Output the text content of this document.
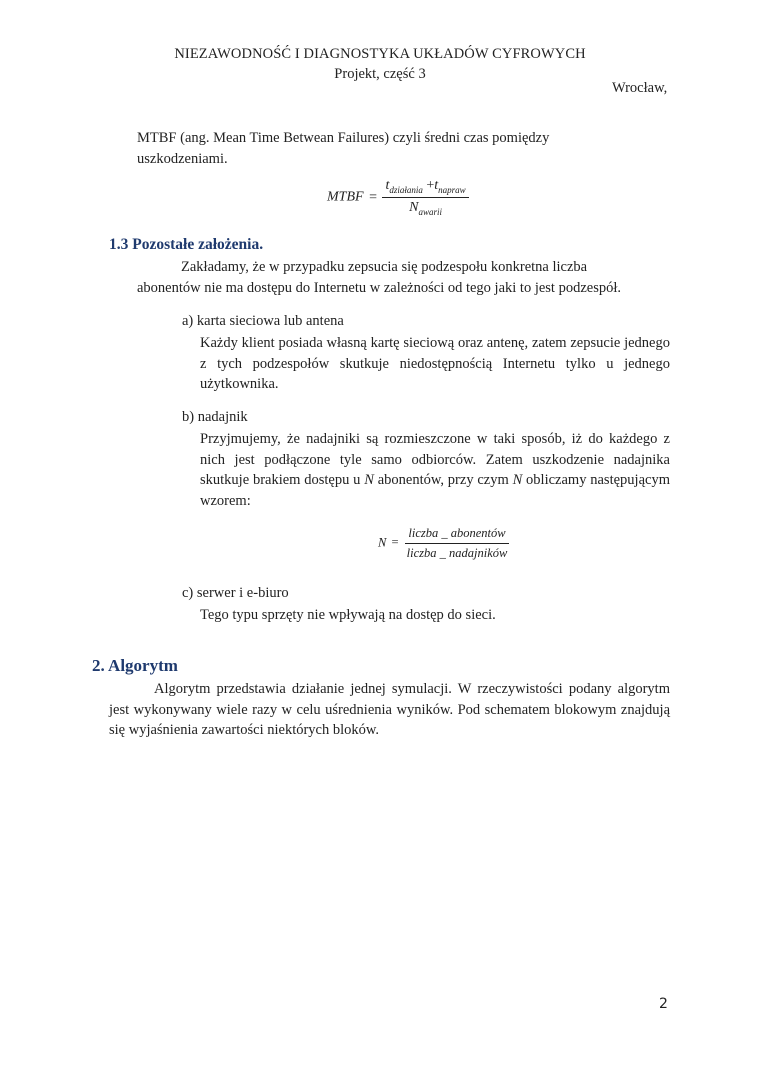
NIEZAWODNOŚĆ I DIAGNOSTYKA UKŁADÓW CYFROWYCH
Projekt, część 3
Wrocław,
MTBF (ang. Mean Time Betwean Failures) czyli średni czas pomiędzy uszkodzeniami.
MTBF = $\frac{t_{działania} +t_{napraw}}{N_{awarii}}$
1.3 Pozostałe założenia.
Zakładamy, że w przypadku zepsucia się podzespołu konkretna liczba abonentów nie ma dostępu do Internetu w zależności od tego jaki to jest podzespół.
a) karta sieciowa lub antena
Każdy klient posiada własną kartę sieciową oraz antenę, zatem zepsucie jednego z tych podzespołów skutkuje niedostępnością Internetu tylko u jednego użytkownika.
b) nadajnik
Przyjmujemy, że nadajniki są rozmieszczone w taki sposób, iż do każdego z nich jest podłączone tyle samo odbiorców. Zatem uszkodzenie nadajnika skutkuje brakiem dostępu u N abonentów, przy czym N obliczamy następującym wzorem:
$N = \frac{\text{liczba \_ abonentów}}{\text{liczba \_ nadajników}}$
c) serwer i e-biuro
Tego typu sprzęty nie wpływają na dostęp do sieci.
2. Algorytm
Algorytm przedstawia działanie jednej symulacji. W rzeczywistości podany algorytm jest wykonywany wiele razy w celu uśrednienia wyników. Pod schematem blokowym znajdują się wyjaśnienia zawartości niektórych bloków.
2
